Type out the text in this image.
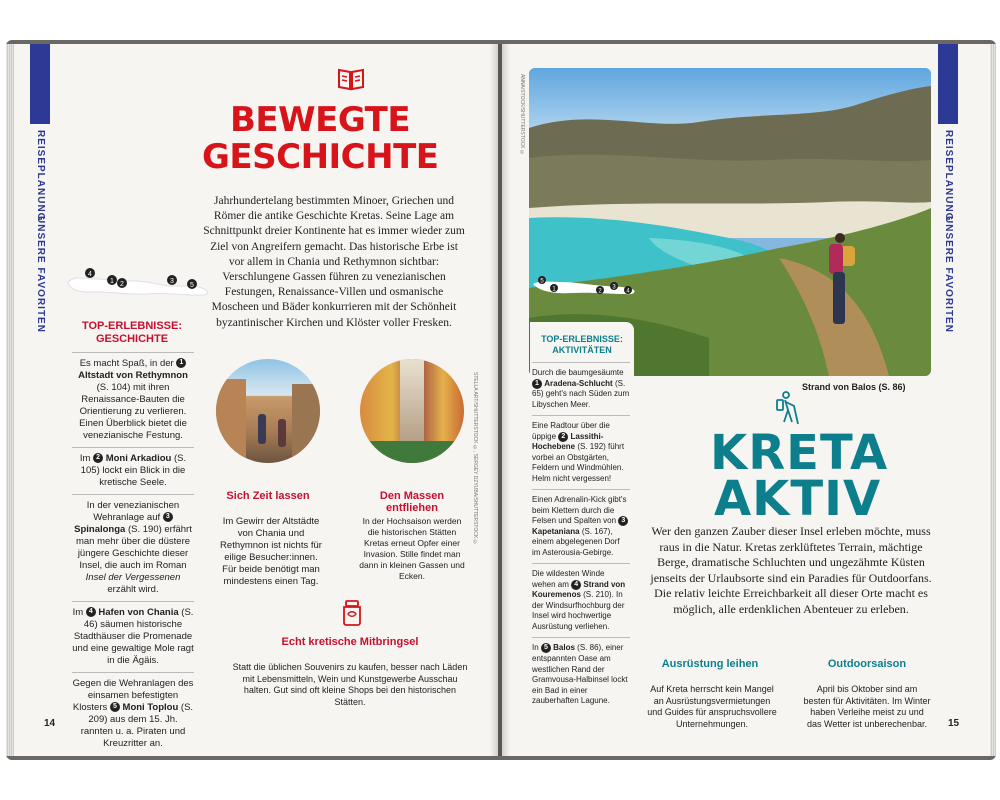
REISEPLANUNG
UNSERE FAVORITEN
BEWEGTE
GESCHICHTE
Jahrhundertelang bestimmten Minoer, Griechen und Römer die antike Geschichte Kretas. Seine Lage am Schnittpunkt dreier Kontinente hat es immer wieder zum Ziel von Angreifern gemacht. Das historische Erbe ist vor allem in Chania und Rethymnon sichtbar: Verschlungene Gassen führen zu venezianischen Festungen, Renaissance-Villen und osmanische Moscheen und Bäder konkurrieren mit der Schönheit byzantinischer Kirchen und Klöster voller Fresken.
4
1 2	3
5
TOP-ERLEBNISSE:
GESCHICHTE
Es macht Spaß, in der 1 Altstadt von Rethymnon (S. 104) mit ihren Renaissance-Bauten die Orientierung zu verlieren. Einen Überblick bietet die venezianische Festung.
Im 2 Moni Arkadiou (S. 105) lockt ein Blick in die kretische Seele.
In der venezianischen Wehranlage auf 3 Spinalonga (S. 190) erfährt man mehr über die düstere jüngere Geschichte dieser Insel, die auch im Roman Insel der Vergessenen erzählt wird.
Im 4 Hafen von Chania (S. 46) säumen historische Stadthäuser die Promenade und eine gewaltige Mole ragt in die Ägäis.
Gegen die Wehranlagen des einsamen befestigten Klosters 5 Moni Toplou (S. 209) aus dem 15. Jh. rannten u. a. Piraten und Kreuzritter an.
STELLA ART/SHUTTERSTOCK ©, SERGEY DZYUBA/SHUTTERSTOCK ©
Sich Zeit lassen
Im Gewirr der Altstädte von Chania und Rethymnon ist nichts für eilige Besucher:innen. Für beide benötigt man mindestens einen Tag.
Den Massen entfliehen
In der Hochsaison werden die historischen Stätten Kretas erneut Opfer einer Invasion. Stille findet man dann in kleinen Gassen und Ecken.
Echt kretische Mitbringsel
Statt die üblichen Souvenirs zu kaufen, besser nach Läden mit Lebensmitteln, Wein und Kunstgewerbe Ausschau halten. Gut sind oft kleine Shops bei den historischen Stätten.
14
ANNA/STOCK/SHUTTERSTOCK ©
5
1	2
3
4
TOP-ERLEBNISSE:
AKTIVITÄTEN
Durch die baumgesäumte 1 Aradena-Schlucht (S. 65) geht's nach Süden zum Libyschen Meer.
Eine Radtour über die üppige 2 Lassithi-Hochebene (S. 192) führt vorbei an Obstgärten, Feldern und Windmühlen. Helm nicht vergessen!
Einen Adrenalin-Kick gibt's beim Klettern durch die Felsen und Spalten von 3 Kapetaniana (S. 167), einem abgelegenen Dorf im Asterousia-Gebirge.
Die wildesten Winde wehen am 4 Strand von Kouremenos (S. 210). In der Windsurfhochburg der Insel wird hochwertige Ausrüstung verliehen.
In 5 Balos (S. 86), einer entspannten Oase am westlichen Rand der Gramvousa-Halbinsel lockt ein Bad in einer zauberhaften Lagune.
Strand von Balos (S. 86)
KRETA
AKTIV
Wer den ganzen Zauber dieser Insel erleben möchte, muss raus in die Natur. Kretas zerklüftetes Terrain, mächtige Berge, dramatische Schluchten und ungezähmte Küsten jenseits der Urlaubsorte sind ein Paradies für Outdoorfans. Die relativ leichte Erreichbarkeit all dieser Orte macht es möglich, alle erdenklichen Abenteuer zu erleben.
Ausrüstung leihen
Auf Kreta herrscht kein Mangel an Ausrüstungsvermietungen und Guides für anspruchsvollere Unternehmungen.
Outdoorsaison
April bis Oktober sind am besten für Aktivitäten. Im Winter haben Verleihe meist zu und das Wetter ist unberechenbar.
REISEPLANUNG
UNSERE FAVORITEN
15
